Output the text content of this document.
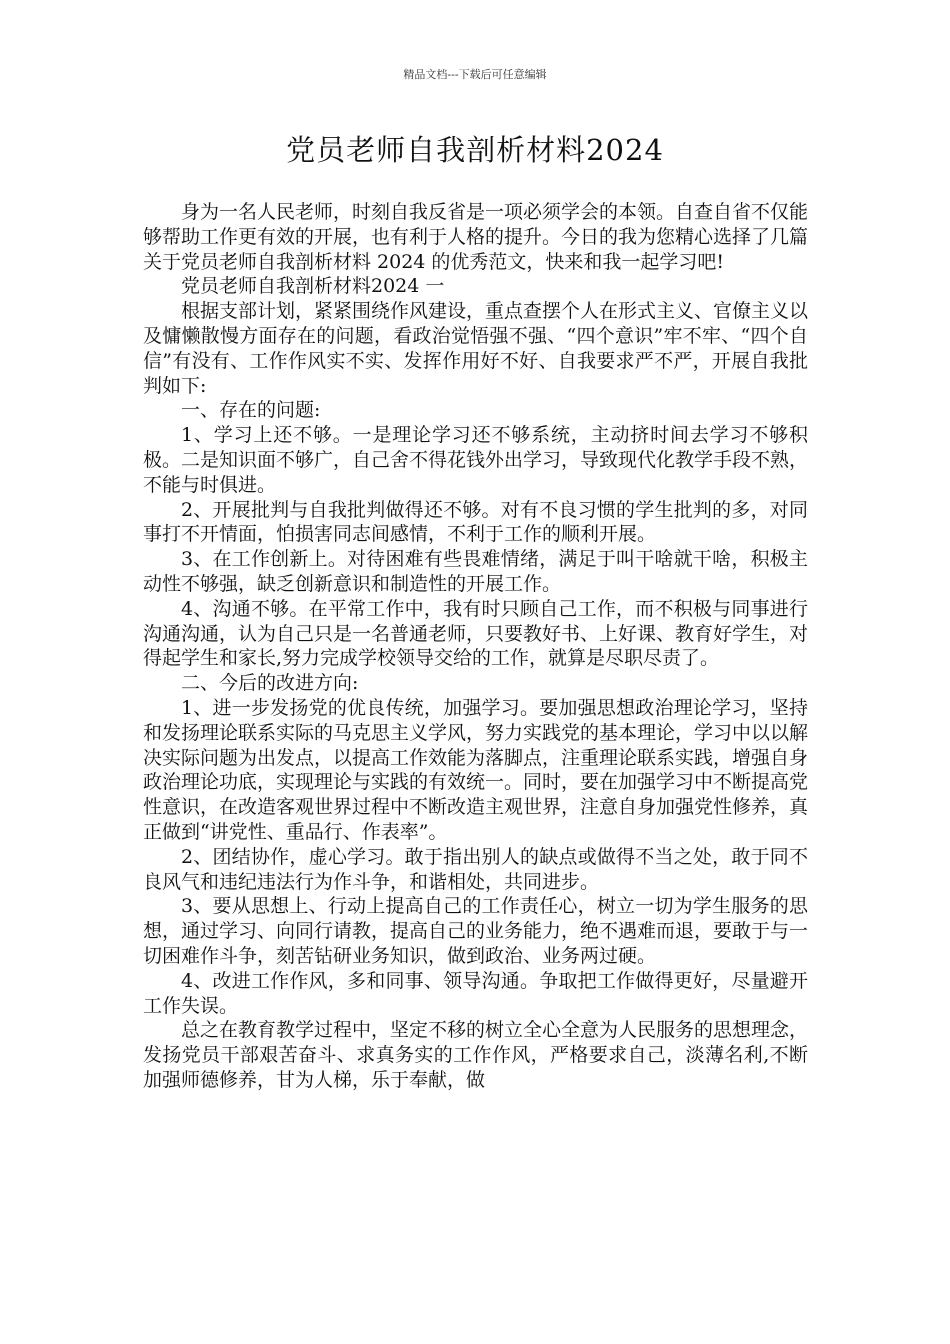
精品文档---下载后可任意编辑
党员老师自我剖析材料2024

身为一名人民老师，时刻自我反省是一项必须学会的本领。自查自省不仅能够帮助工作更有效的开展，也有利于人格的提升。今日的我为您精心选择了几篇关于党员老师自我剖析材料 2024 的优秀范文，快来和我一起学习吧!

党员老师自我剖析材料2024 一

根据支部计划，紧紧围绕作风建设，重点查摆个人在形式主义、官僚主义以及慵懒散慢方面存在的问题，看政治觉悟强不强、“四个意识”牢不牢、“四个自信”有没有、工作作风实不实、发挥作用好不好、自我要求严不严，开展自我批判如下:

一、存在的问题:

1、学习上还不够。一是理论学习还不够系统，主动挤时间去学习不够积极。二是知识面不够广，自己舍不得花钱外出学习，导致现代化教学手段不熟，不能与时俱进。

2、开展批判与自我批判做得还不够。对有不良习惯的学生批判的多，对同事打不开情面，怕损害同志间感情，不利于工作的顺利开展。

3、在工作创新上。对待困难有些畏难情绪，满足于叫干啥就干啥，积极主动性不够强，缺乏创新意识和制造性的开展工作。

4、沟通不够。在平常工作中，我有时只顾自己工作，而不积极与同事进行沟通沟通，认为自己只是一名普通老师，只要教好书、上好课、教育好学生，对得起学生和家长,努力完成学校领导交给的工作，就算是尽职尽责了。

二、今后的改进方向:

1、进一步发扬党的优良传统，加强学习。要加强思想政治理论学习，坚持和发扬理论联系实际的马克思主义学风，努力实践党的基本理论，学习中以以解决实际问题为出发点，以提高工作效能为落脚点，注重理论联系实践，增强自身政治理论功底，实现理论与实践的有效统一。同时，要在加强学习中不断提高党性意识，在改造客观世界过程中不断改造主观世界，注意自身加强党性修养，真正做到“讲党性、重品行、作表率”。

2、团结协作，虚心学习。敢于指出别人的缺点或做得不当之处，敢于同不良风气和违纪违法行为作斗争，和谐相处，共同进步。

3、要从思想上、行动上提高自己的工作责任心，树立一切为学生服务的思想，通过学习、向同行请教，提高自己的业务能力，绝不遇难而退，要敢于与一切困难作斗争，刻苦钻研业务知识，做到政治、业务两过硬。

4、改进工作作风，多和同事、领导沟通。争取把工作做得更好，尽量避开工作失误。

总之在教育教学过程中，坚定不移的树立全心全意为人民服务的思想理念，发扬党员干部艰苦奋斗、求真务实的工作作风，严格要求自己，淡薄名利,不断加强师德修养，甘为人梯，乐于奉献，做
